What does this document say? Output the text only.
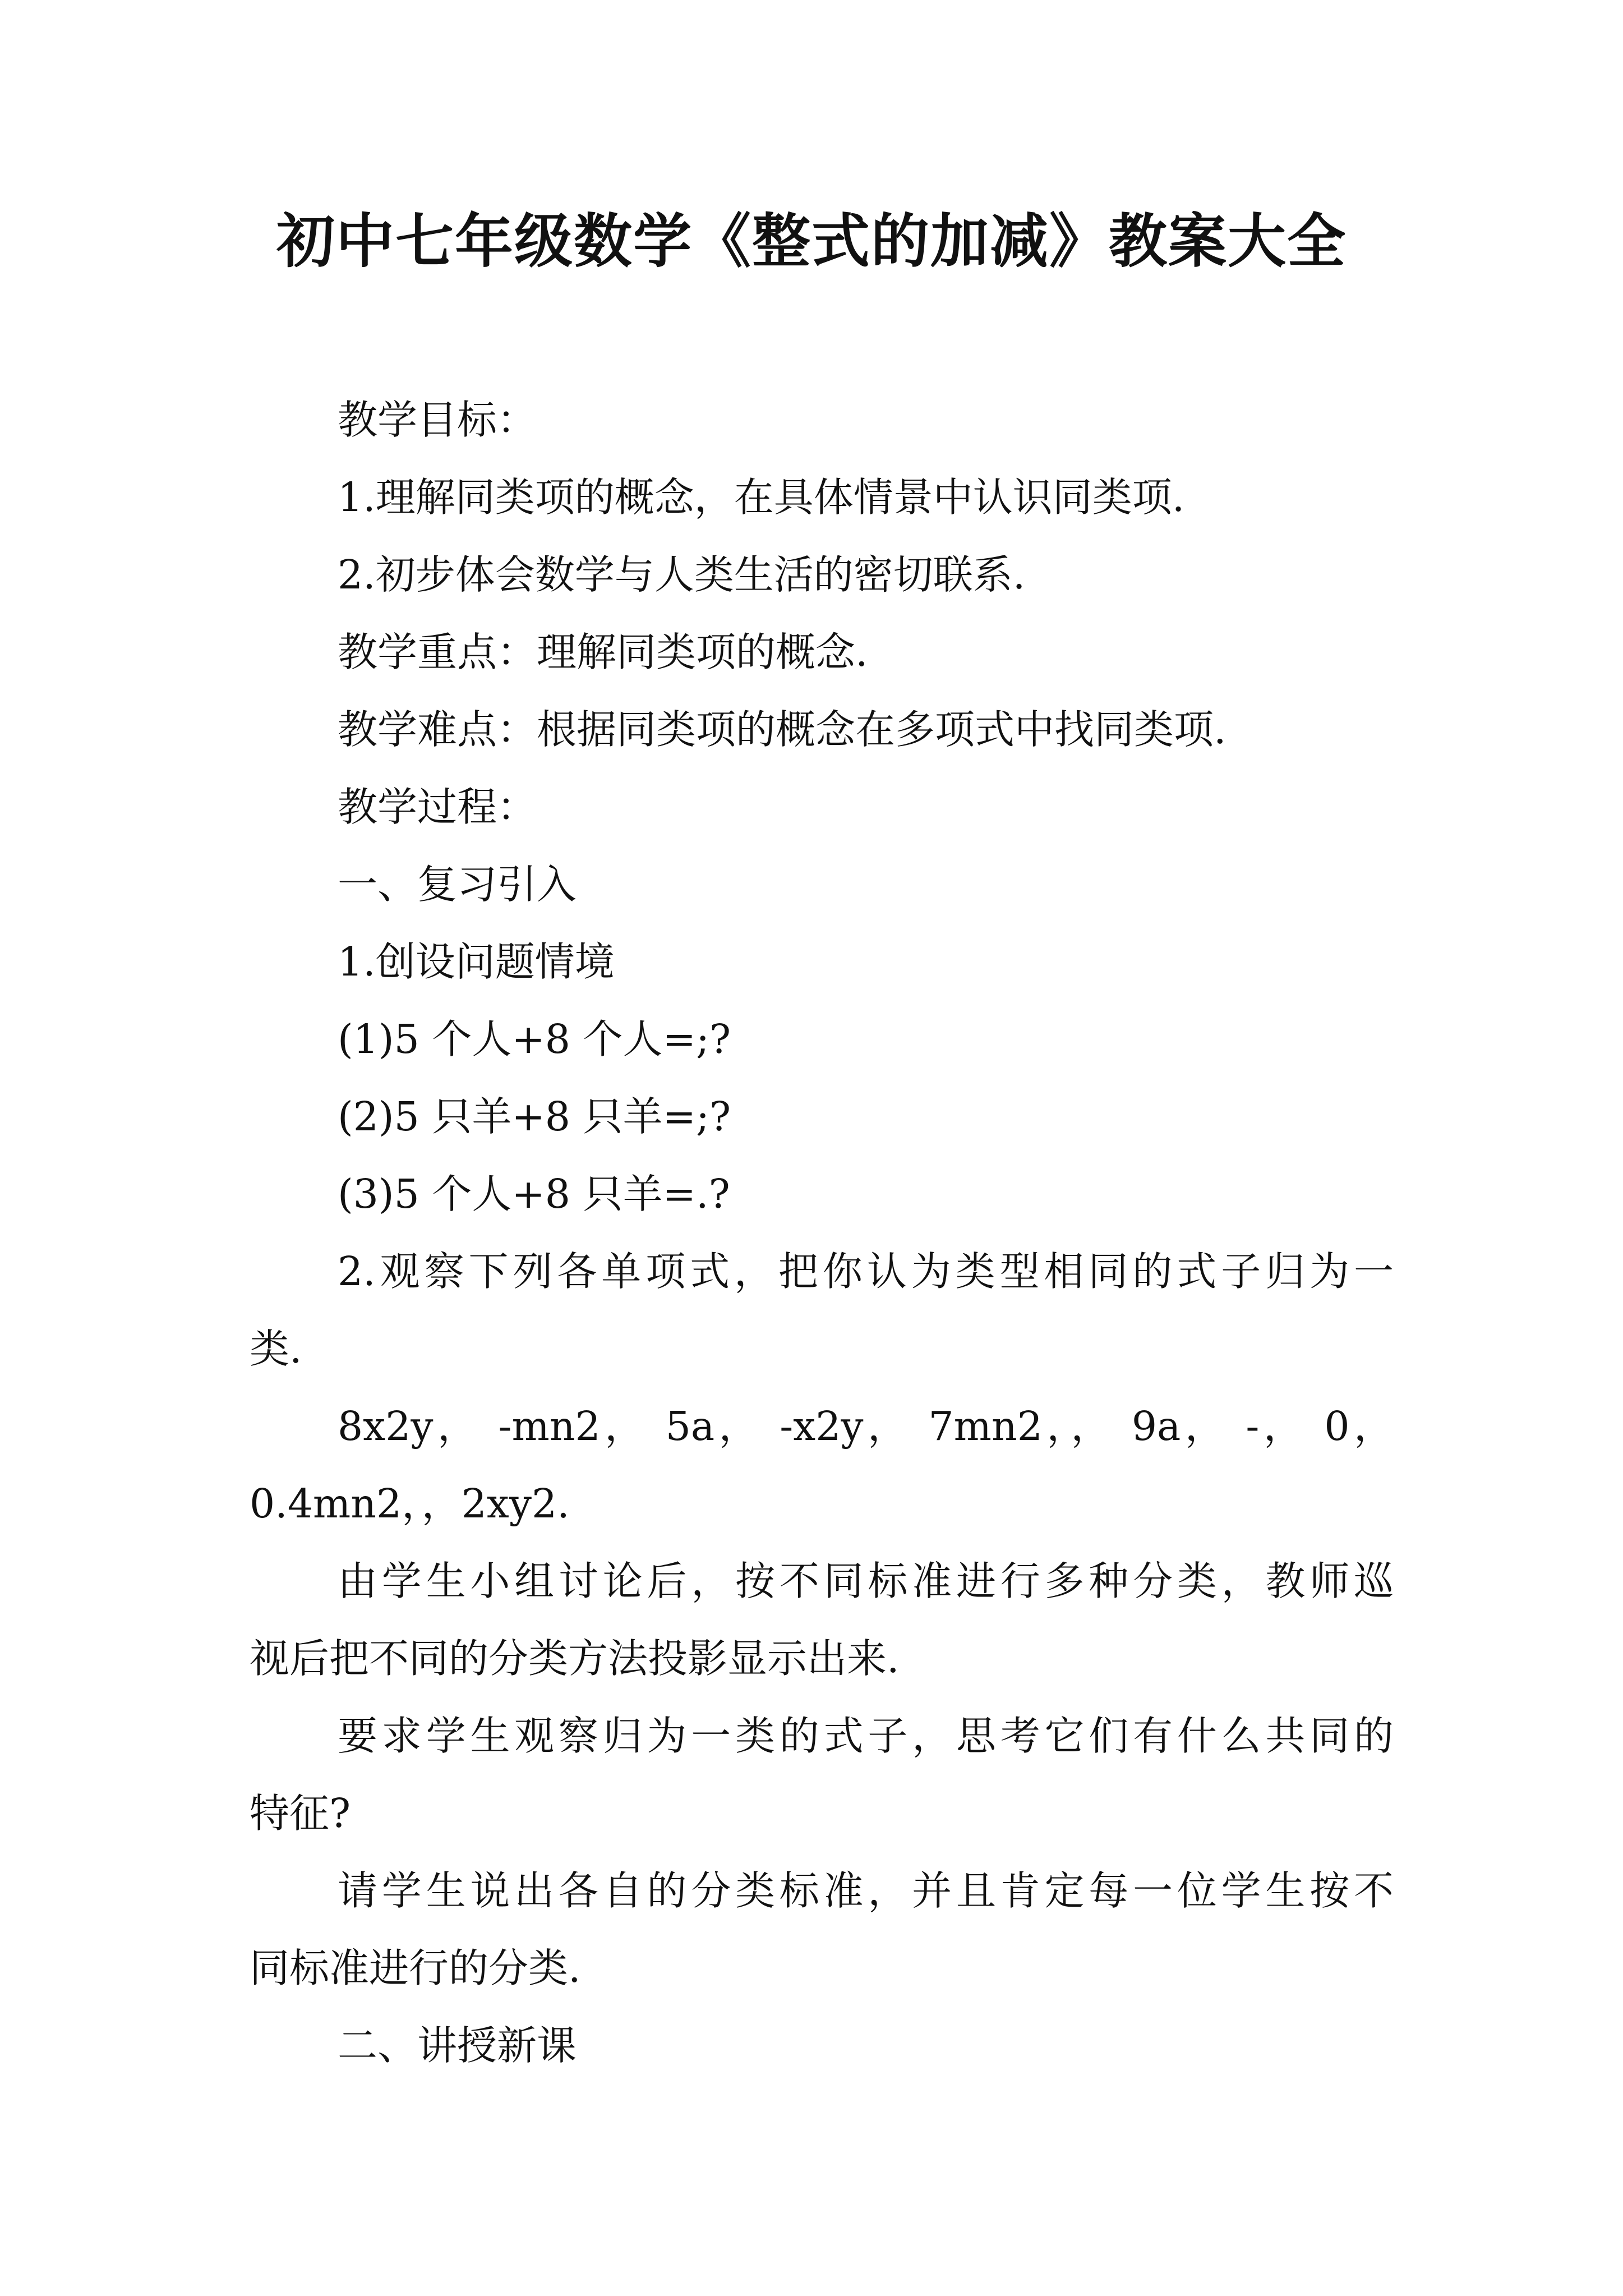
初中七年级数学《整式的加减》教案大全
教学目标：
1.理解同类项的概念，在具体情景中认识同类项.
2.初步体会数学与人类生活的密切联系.
教学重点：理解同类项的概念.
教学难点：根据同类项的概念在多项式中找同类项.
教学过程：
一、复习引入
1.创设问题情境
(1)5 个人+8 个人=;?
(2)5 只羊+8 只羊=;?
(3)5 个人+8 只羊=.?
2.观察下列各单项式，把你认为类型相同的式子归为一
类.
8x2y， -mn2， 5a， -x2y， 7mn2，， 9a， -， 0，
0.4mn2，，2xy2.
由学生小组讨论后，按不同标准进行多种分类，教师巡
视后把不同的分类方法投影显示出来.
要求学生观察归为一类的式子，思考它们有什么共同的
特征?
请学生说出各自的分类标准，并且肯定每一位学生按不
同标准进行的分类.
二、讲授新课
